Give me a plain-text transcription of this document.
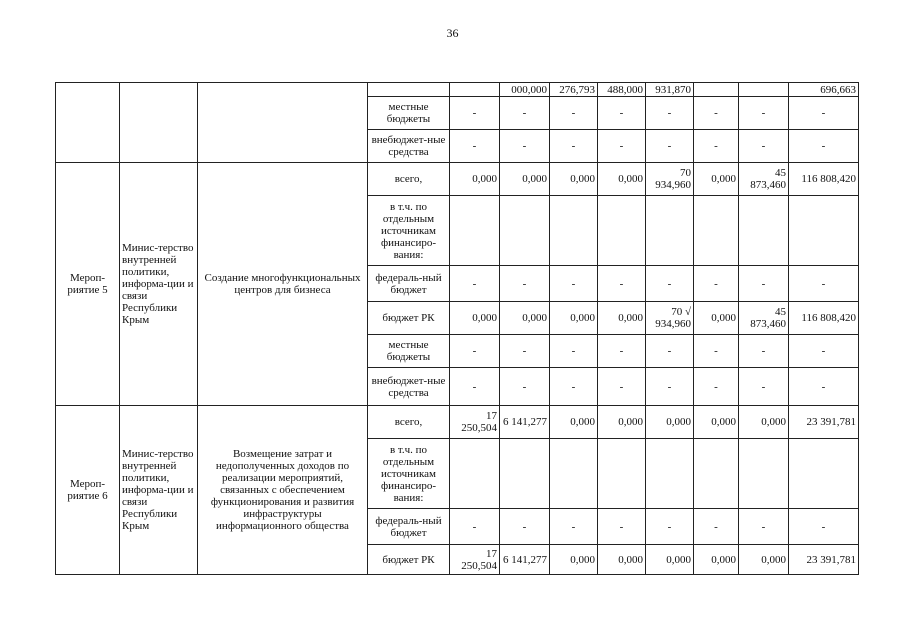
36
					000,000	276,793	488,000	931,870			696,663
			местные бюджеты	-	-	-	-	-	-	-	-
			внебюджет-ные средства	-	-	-	-	-	-	-	-
Мероп-риятие 5	Минис-терство внутренней политики, информа-ции и связи Республики Крым	Создание многофункциональных центров для бизнеса	всего,	0,000	0,000	0,000	0,000	70 934,960	0,000	45 873,460	116 808,420
			в т.ч. по отдельным источникам финансиро-вания:								
			федераль-ный бюджет	-	-	-	-	-	-	-	-
			бюджет РК	0,000	0,000	0,000	0,000	70 √ 934,960	0,000	45 873,460	116 808,420
			местные бюджеты	-	-	-	-	-	-	-	-
			внебюджет-ные средства	-	-	-	-	-	-	-	-
Мероп-риятие 6	Минис-терство внутренней политики, информа-ции и связи Республики Крым	Возмещение затрат и недополученных доходов по реализации мероприятий, связанных с обеспечением функционирования и развития инфраструктуры информационного общества	всего,	17 250,504	6 141,277	0,000	0,000	0,000	0,000	0,000	23 391,781
			в т.ч. по отдельным источникам финансиро-вания:								
			федераль-ный бюджет	-	-	-	-	-	-	-	-
			бюджет РК	17 250,504	6 141,277	0,000	0,000	0,000	0,000	0,000	23 391,781
